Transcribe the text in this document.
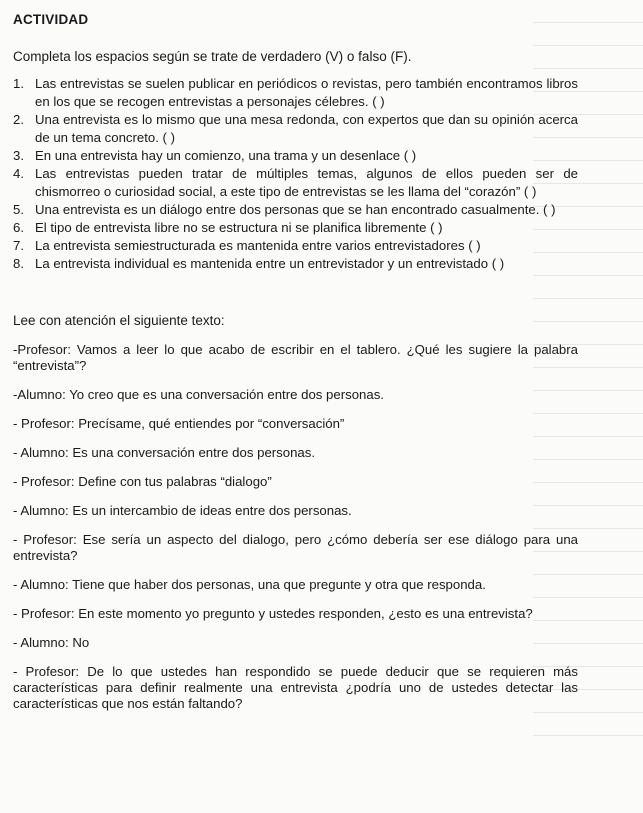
ACTIVIDAD
Completa los espacios según se trate de verdadero (V) o falso (F).
1. Las entrevistas se suelen publicar en periódicos o revistas, pero también encontramos libros en los que se recogen entrevistas a personajes célebres. ( )
2. Una entrevista es lo mismo que una mesa redonda, con expertos que dan su opinión acerca de un tema concreto. ( )
3. En una entrevista hay un comienzo, una trama y un desenlace ( )
4. Las entrevistas pueden tratar de múltiples temas, algunos de ellos pueden ser de chismorreo o curiosidad social, a este tipo de entrevistas se les llama del “corazón” ( )
5. Una entrevista es un diálogo entre dos personas que se han encontrado casualmente. ( )
6. El tipo de entrevista libre no se estructura ni se planifica libremente ( )
7. La entrevista semiestructurada es mantenida entre varios entrevistadores ( )
8. La entrevista individual es mantenida entre un entrevistador y un entrevistado ( )
Lee con atención el siguiente texto:

-Profesor: Vamos a leer lo que acabo de escribir en el tablero. ¿Qué les sugiere la palabra “entrevista”?

-Alumno: Yo creo que es una conversación entre dos personas.

- Profesor: Precísame, qué entiendes por “conversación”

- Alumno: Es una conversación entre dos personas.

- Profesor: Define con tus palabras “dialogo”

- Alumno: Es un intercambio de ideas entre dos personas.

- Profesor: Ese sería un aspecto del dialogo, pero ¿cómo debería ser ese diálogo para una entrevista?

- Alumno: Tiene que haber dos personas, una que pregunte y otra que responda.

- Profesor: En este momento yo pregunto y ustedes responden, ¿esto es una entrevista?

- Alumno: No

- Profesor: De lo que ustedes han respondido se puede deducir que se requieren más características para definir realmente una entrevista ¿podría uno de ustedes detectar las características que nos están faltando?
